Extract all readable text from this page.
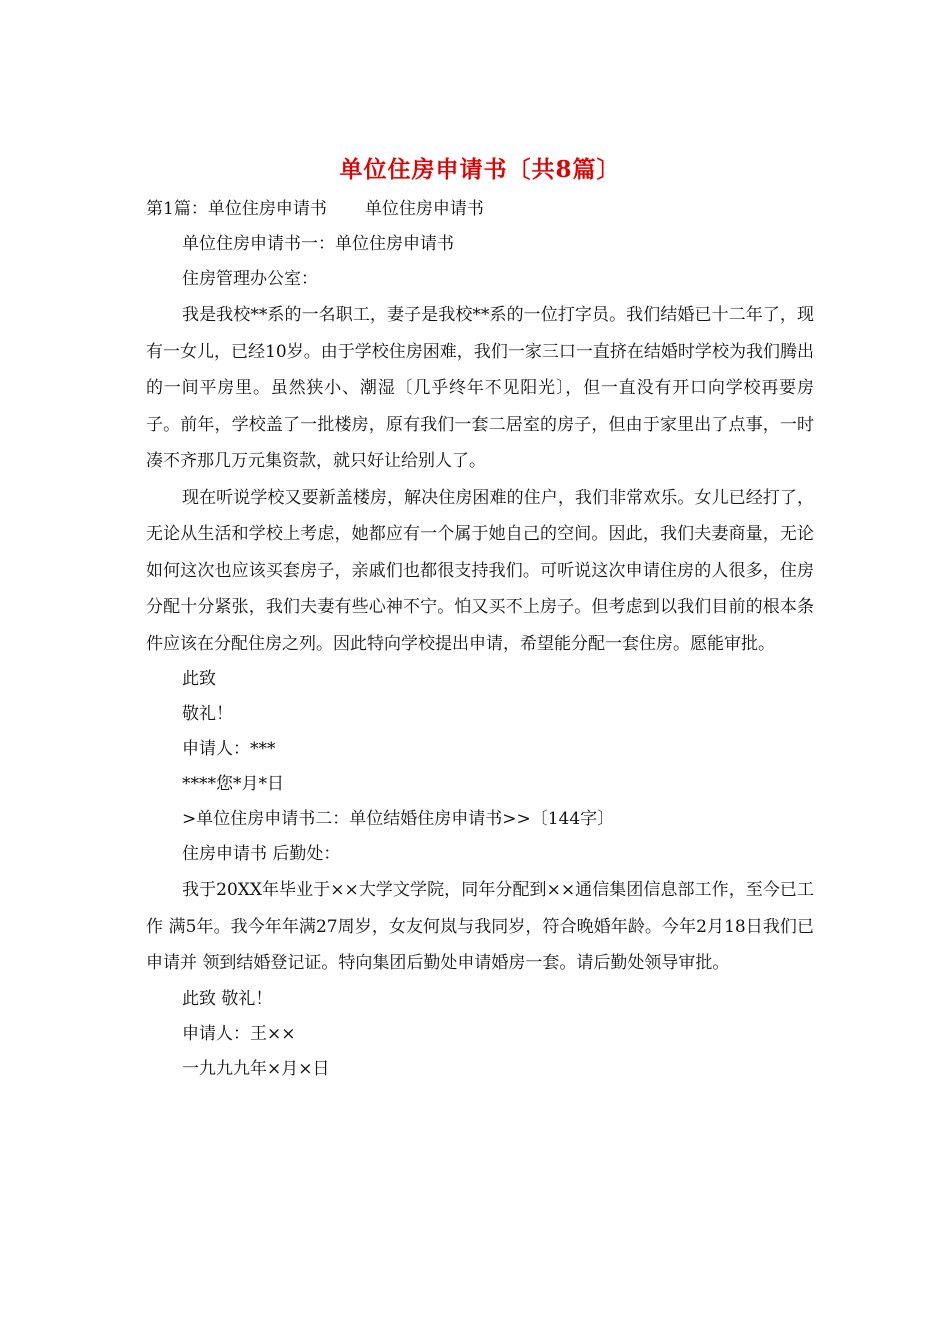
单位住房申请书〔共8篇〕

第1篇：单位住房申请书 单位住房申请书

单位住房申请书一：单位住房申请书

住房管理办公室：

我是我校**系的一名职工，妻子是我校**系的一位打字员。我们结婚已十二年了，现有一女儿，已经10岁。由于学校住房困难，我们一家三口一直挤在结婚时学校为我们腾出的一间平房里。虽然狭小、潮湿〔几乎终年不见阳光〕，但一直没有开口向学校再要房子。前年，学校盖了一批楼房，原有我们一套二居室的房子，但由于家里出了点事，一时凑不齐那几万元集资款，就只好让给别人了。

现在听说学校又要新盖楼房，解决住房困难的住户，我们非常欢乐。女儿已经打了，无论从生活和学校上考虑，她都应有一个属于她自己的空间。因此，我们夫妻商量，无论如何这次也应该买套房子，亲戚们也都很支持我们。可听说这次申请住房的人很多，住房分配十分紧张，我们夫妻有些心神不宁。怕又买不上房子。但考虑到以我们目前的根本条件应该在分配住房之列。因此特向学校提出申请，希望能分配一套住房。愿能审批。

此致

敬礼！

申请人：***

****您*月*日

>单位住房申请书二：单位结婚住房申请书>>〔144字〕

住房申请书 后勤处：

我于20XX年毕业于××大学文学院，同年分配到××通信集团信息部工作，至今已工作 满5年。我今年年满27周岁，女友何岚与我同岁，符合晚婚年龄。今年2月18日我们已申请并 领到结婚登记证。特向集团后勤处申请婚房一套。请后勤处领导审批。

此致 敬礼！

申请人：王××

一九九九年×月×日
